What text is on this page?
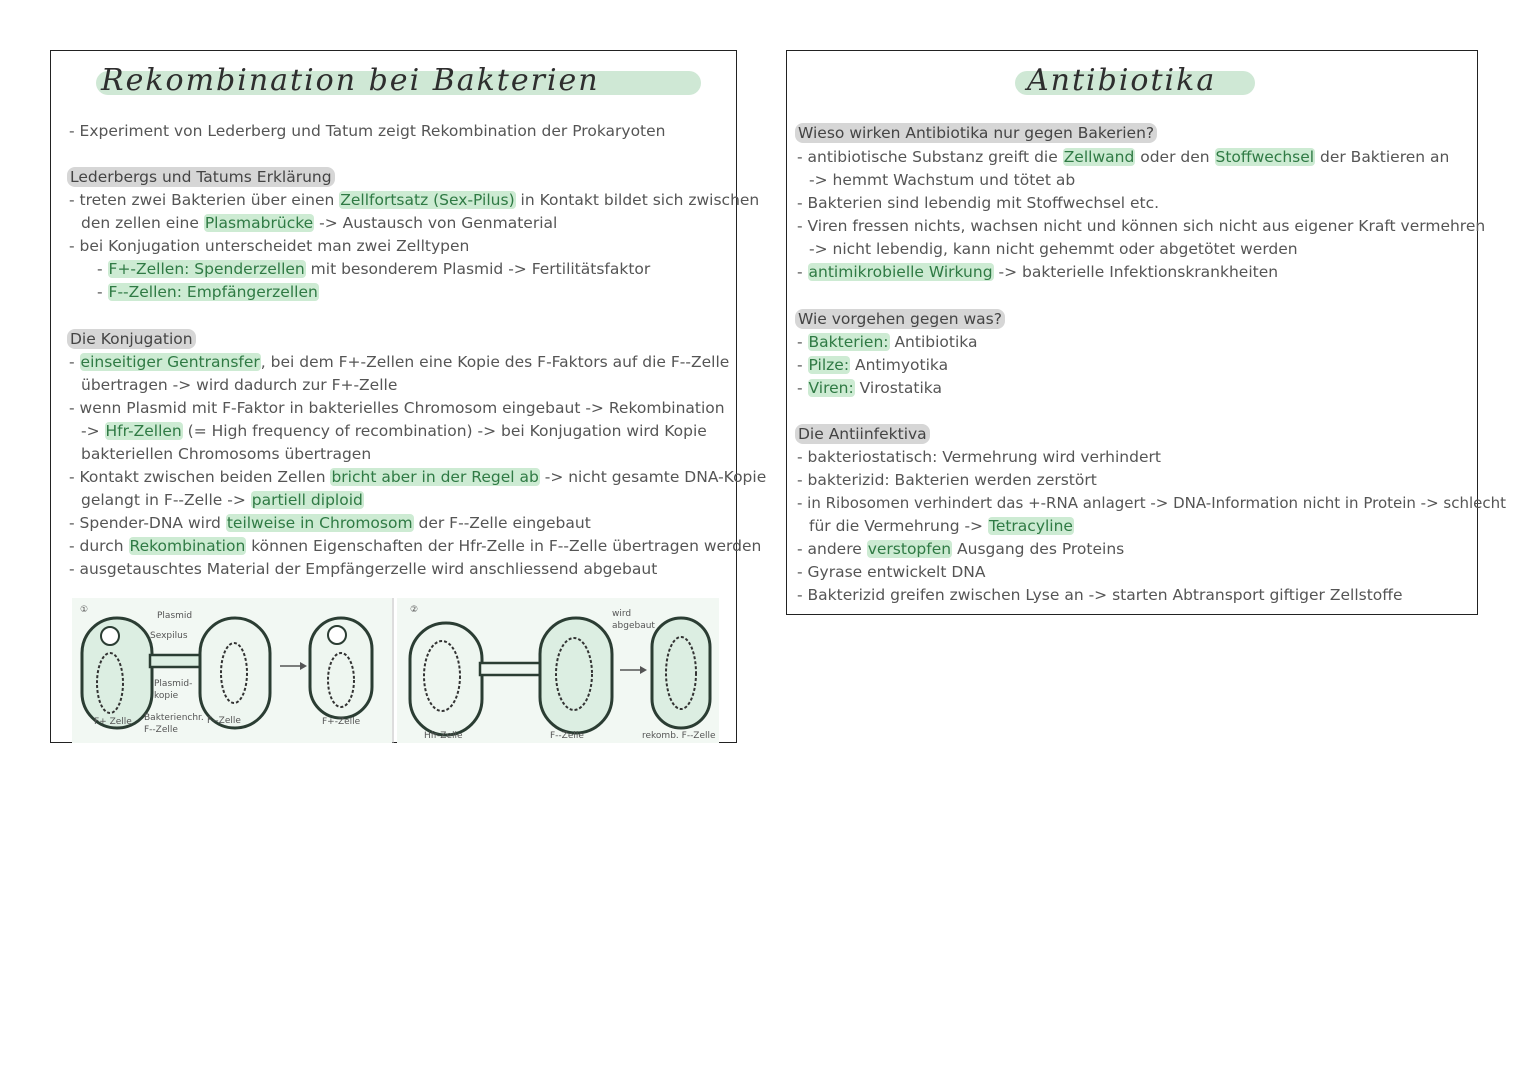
Rekombination bei Bakterien
- Experiment von Lederberg und Tatum zeigt Rekombination der Prokaryoten
Lederbergs und Tatums Erklärung
- treten zwei Bakterien über einen Zellfortsatz (Sex-Pilus) in Kontakt bildet sich zwischen
den zellen eine Plasmabrücke -> Austausch von Genmaterial
- bei Konjugation unterscheidet man zwei Zelltypen
- F+-Zellen: Spenderzellen mit besonderem Plasmid -> Fertilitätsfaktor
- F--Zellen: Empfängerzellen
Die Konjugation
- einseitiger Gentransfer, bei dem F+-Zellen eine Kopie des F-Faktors auf die F--Zelle
übertragen -> wird dadurch zur F+-Zelle
- wenn Plasmid mit F-Faktor in bakterielles Chromosom eingebaut -> Rekombination
-> Hfr-Zellen (= High frequency of recombination) -> bei Konjugation wird Kopie
bakteriellen Chromosoms übertragen
- Kontakt zwischen beiden Zellen bricht aber in der Regel ab -> nicht gesamte DNA-Kopie
gelangt in F--Zelle -> partiell diploid
- Spender-DNA wird teilweise in Chromosom der F--Zelle eingebaut
- durch Rekombination können Eigenschaften der Hfr-Zelle in F--Zelle übertragen werden
- ausgetauschtes Material der Empfängerzelle wird anschliessend abgebaut
①
Plasmid
Sexpilus
Plasmid-
kopie
Bakterienchr.
F--Zelle
F+ Zelle	F--Zelle	F+-Zelle
②	wird
abgebaut
Hfr-Zelle	F--Zelle	rekomb. F--Zelle
Antibiotika
Wieso wirken Antibiotika nur gegen Bakerien?
- antibiotische Substanz greift die Zellwand oder den Stoffwechsel der Baktieren an
-> hemmt Wachstum und tötet ab
- Bakterien sind lebendig mit Stoffwechsel etc.
- Viren fressen nichts, wachsen nicht und können sich nicht aus eigener Kraft vermehren
-> nicht lebendig, kann nicht gehemmt oder abgetötet werden
- antimikrobielle Wirkung -> bakterielle Infektionskrankheiten
Wie vorgehen gegen was?
- Bakterien: Antibiotika
- Pilze: Antimyotika
- Viren: Virostatika
Die Antiinfektiva
- bakteriostatisch: Vermehrung wird verhindert
- bakterizid: Bakterien werden zerstört
- in Ribosomen verhindert das +-RNA anlagert -> DNA-Information nicht in Protein -> schlecht
für die Vermehrung -> Tetracyline
- andere verstopfen Ausgang des Proteins
- Gyrase entwickelt DNA
- Bakterizid greifen zwischen Lyse an -> starten Abtransport giftiger Zellstoffe
